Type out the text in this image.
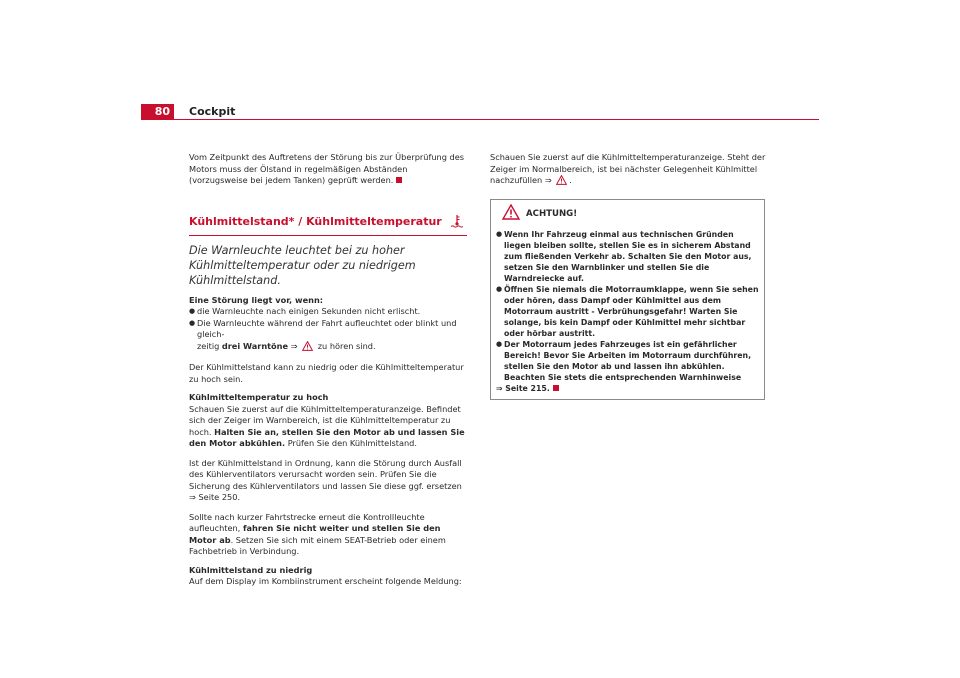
80	Cockpit

Vom Zeitpunkt des Auftretens der Störung bis zur Überprüfung des Motors muss der Ölstand in regelmäßigen Abständen (vorzugsweise bei jedem Tanken) geprüft werden.

Kühlmittelstand* / Kühlmitteltemperatur

Die Warnleuchte leuchtet bei zu hoher Kühlmitteltemperatur oder zu niedrigem Kühlmittelstand.

Eine Störung liegt vor, wenn:

● die Warnleuchte nach einigen Sekunden nicht erlischt.
● Die Warnleuchte während der Fahrt aufleuchtet oder blinkt und gleich-
zeitig drei Warntöne ⇒  zu hören sind.

Der Kühlmittelstand kann zu niedrig oder die Kühlmitteltemperatur zu hoch sein.

Kühlmitteltemperatur zu hoch

Schauen Sie zuerst auf die Kühlmitteltemperaturanzeige. Befindet sich der Zeiger im Warnbereich, ist die Kühlmitteltemperatur zu hoch. Halten Sie an, stellen Sie den Motor ab und lassen Sie den Motor abkühlen. Prüfen Sie den Kühlmittelstand.

Ist der Kühlmittelstand in Ordnung, kann die Störung durch Ausfall des Kühlerventilators verursacht worden sein. Prüfen Sie die Sicherung des Kühlerventilators und lassen Sie diese ggf. ersetzen ⇒ Seite 250.

Sollte nach kurzer Fahrtstrecke erneut die Kontrollleuchte aufleuchten, fahren Sie nicht weiter und stellen Sie den Motor ab. Setzen Sie sich mit einem SEAT-Betrieb oder einem Fachbetrieb in Verbindung.

Kühlmittelstand zu niedrig

Auf dem Display im Kombiinstrument erscheint folgende Meldung:

Schauen Sie zuerst auf die Kühlmitteltemperaturanzeige. Steht der Zeiger im Normalbereich, ist bei nächster Gelegenheit Kühlmittel nachzufüllen ⇒ .

ACHTUNG!
● Wenn Ihr Fahrzeug einmal aus technischen Gründen liegen bleiben sollte, stellen Sie es in sicherem Abstand zum fließenden Verkehr ab. Schalten Sie den Motor aus, setzen Sie den Warnblinker und stellen Sie die Warndreiecke auf.
● Öffnen Sie niemals die Motorraumklappe, wenn Sie sehen oder hören, dass Dampf oder Kühlmittel aus dem Motorraum austritt - Verbrühungsgefahr! Warten Sie solange, bis kein Dampf oder Kühlmittel mehr sichtbar oder hörbar austritt.
● Der Motorraum jedes Fahrzeuges ist ein gefährlicher Bereich! Bevor Sie Arbeiten im Motorraum durchführen, stellen Sie den Motor ab und lassen ihn abkühlen. Beachten Sie stets die entsprechenden Warnhinweise

⇒ Seite 215.
